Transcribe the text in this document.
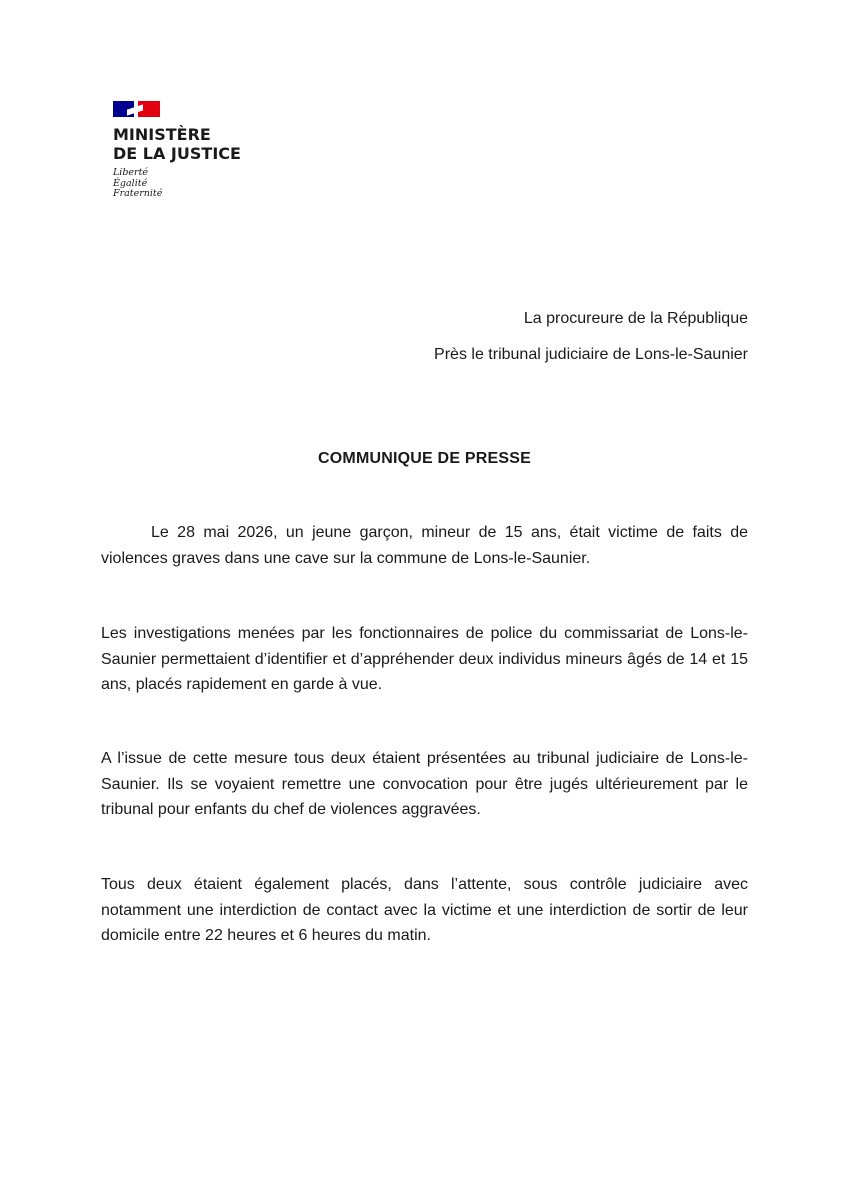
MINISTÈRE
DE LA JUSTICE
Liberté
Égalité
Fraternité
La procureure de la République
Près le tribunal judiciaire de Lons-le-Saunier
COMMUNIQUE DE PRESSE

Le 28 mai 2026, un jeune garçon, mineur de 15 ans, était victime de faits de violences graves dans une cave sur la commune de Lons-le-Saunier.

Les investigations menées par les fonctionnaires de police du commissariat de Lons-le-Saunier permettaient d’identifier et d’appréhender deux individus mineurs âgés de 14 et 15 ans, placés rapidement en garde à vue.

A l’issue de cette mesure tous deux étaient présentées au tribunal judiciaire de Lons-le-Saunier. Ils se voyaient remettre une convocation pour être jugés ultérieurement par le tribunal pour enfants du chef de violences aggravées.

Tous deux étaient également placés, dans l’attente, sous contrôle judiciaire avec notamment une interdiction de contact avec la victime et une interdiction de sortir de leur domicile entre 22 heures et 6 heures du matin.
